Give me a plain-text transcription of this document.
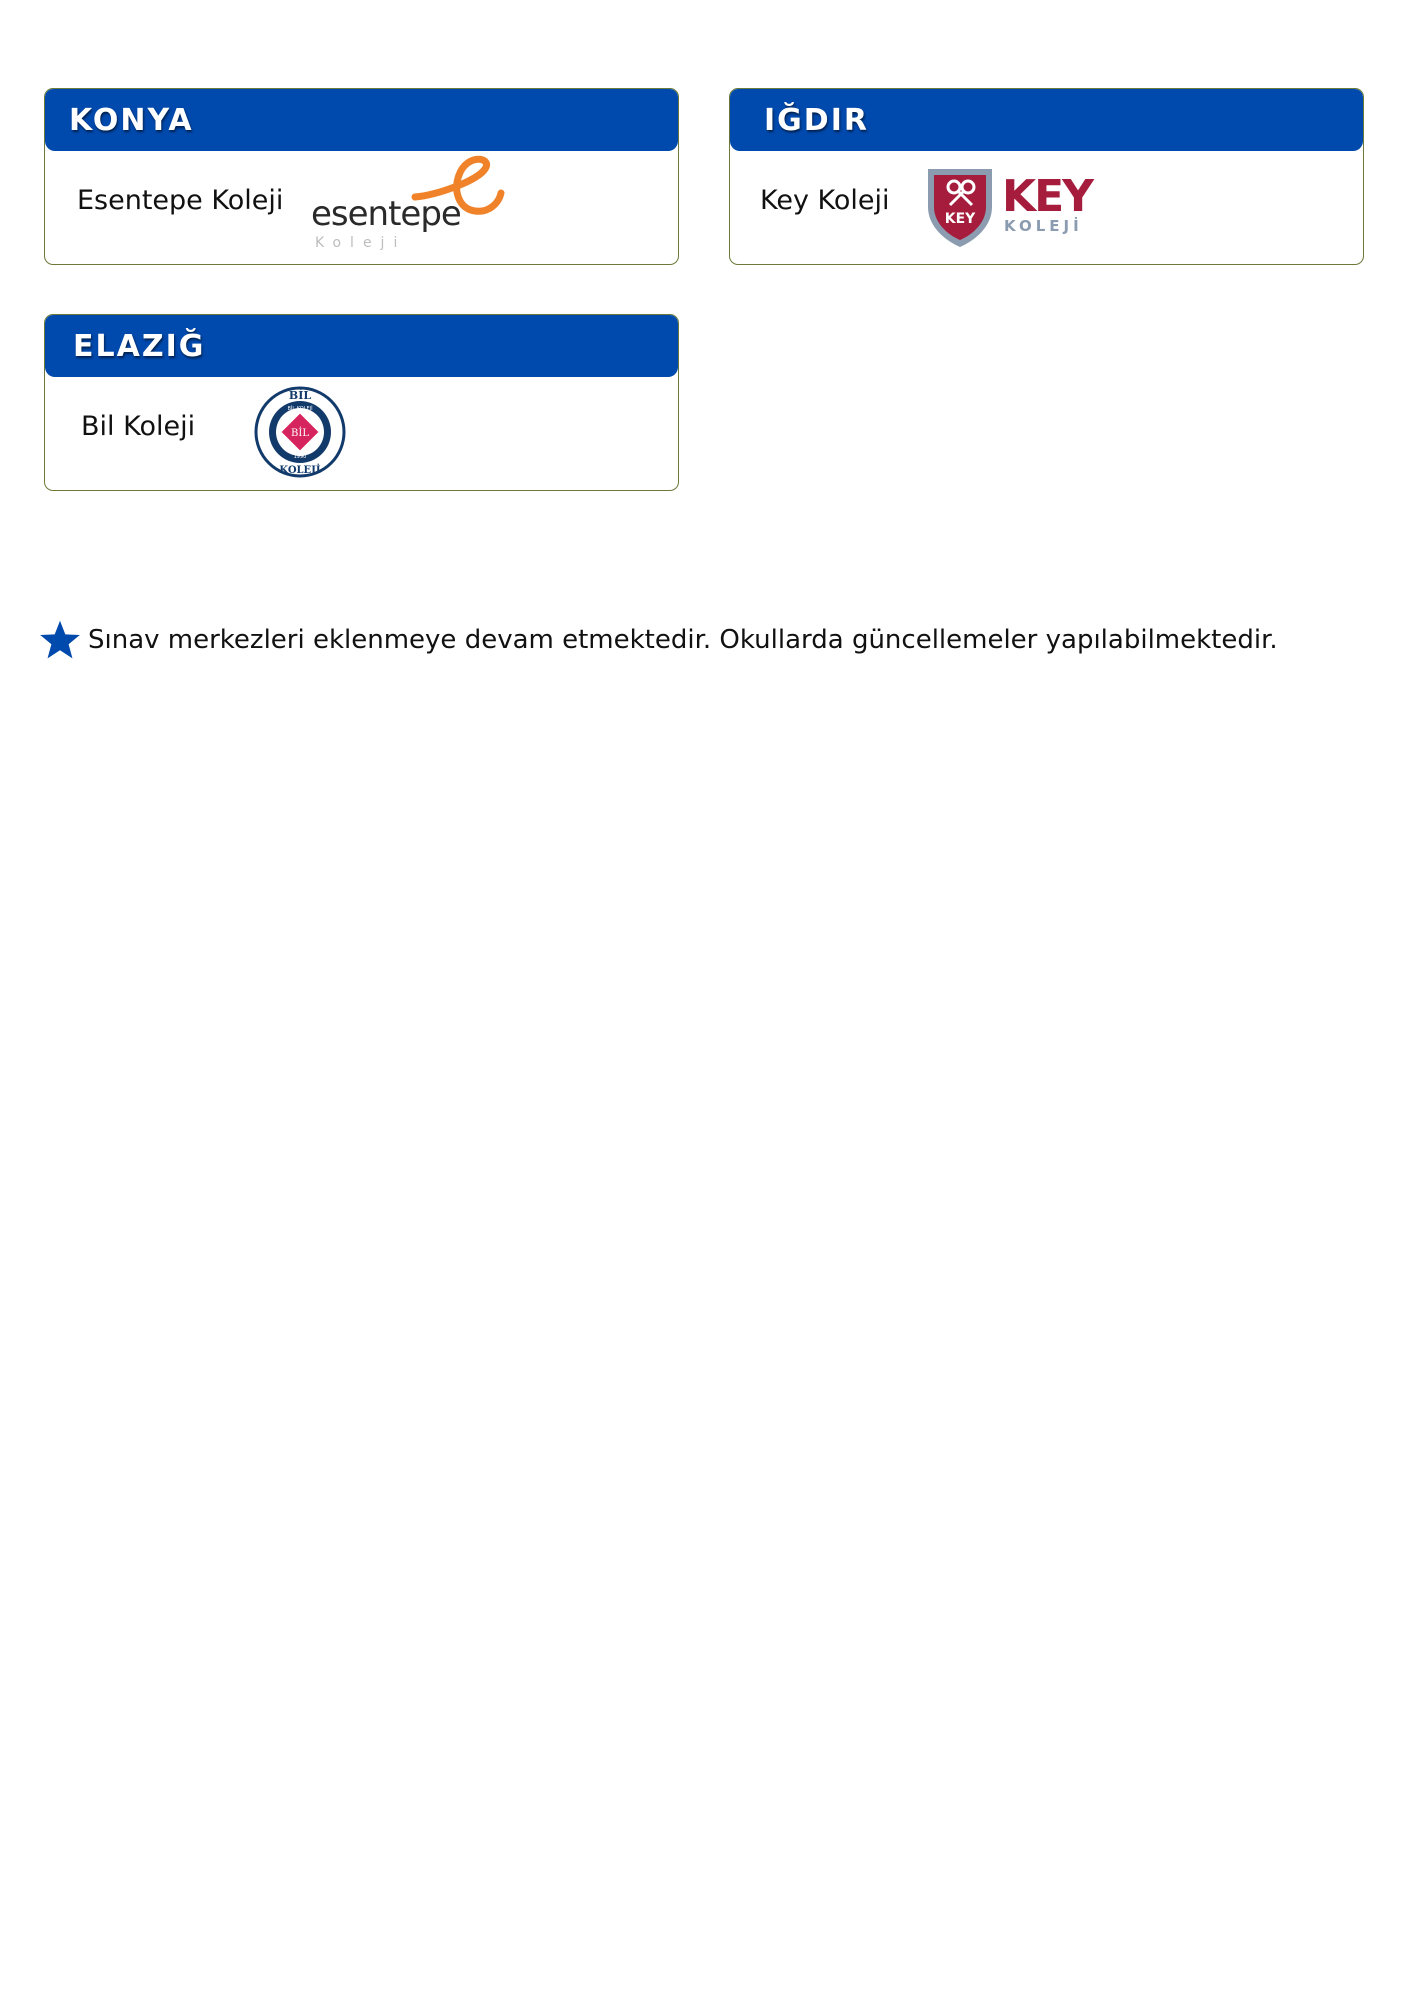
KONYA
Esentepe Koleji esentepe
Koleji
IĞDIR
Key Koleji
KEY KEY
KOLEJİ
ELAZIĞ
Bil Koleji	BİL
BİL
KOLEJİ
BİL KOLEJİ
1990
Sınav merkezleri eklenmeye devam etmektedir. Okullarda güncellemeler yapılabilmektedir.
